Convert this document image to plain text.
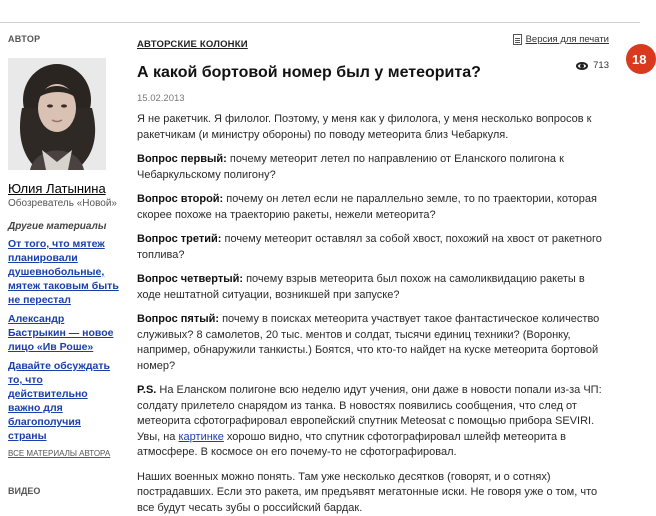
АВТОР
Юлия Латынина
Обозреватель «Новой»
Другие материалы
От того, что мятеж планировали душевнобольные, мятеж таковым быть не перестал
Александр Бастрыкин — новое лицо «Ив Роше»
Давайте обсуждать то, что действительно важно для благополучия страны
ВСЕ МАТЕРИАЛЫ АВТОРА
ВИДЕО
АВТОРСКИЕ КОЛОНКИ	Версия для печати
А какой бортовой номер был у метеорита?	713
15.02.2013

Я не ракетчик. Я филолог. Поэтому, у меня как у филолога, у меня несколько вопросов к ракетчикам (и министру обороны) по поводу метеорита близ Чебаркуля.

Вопрос первый: почему метеорит летел по направлению от Еланского полигона к Чебаркульскому полигону?

Вопрос второй: почему он летел если не параллельно земле, то по траектории, которая скорее похоже на траекторию ракеты, нежели метеорита?

Вопрос третий: почему метеорит оставлял за собой хвост, похожий на хвост от ракетного топлива?

Вопрос четвертый: почему взрыв метеорита был похож на самоликвидацию ракеты в ходе нештатной ситуации, возникшей при запуске?

Вопрос пятый: почему в поисках метеорита участвует такое фантастическое количество служивых? 8 самолетов, 20 тыс. ментов и солдат, тысячи единиц техники? (Воронку, например, обнаружили танкисты.) Боятся, что кто-то найдет на куске метеорита бортовой номер?

P.S. На Еланском полигоне всю неделю идут учения, они даже в новости попали из-за ЧП: солдату прилетело снарядом из танка. В новостях появились сообщения, что след от метеорита сфотографировал европейский спутник Meteosat с помощью прибора SEVIRI. Увы, на картинке хорошо видно, что спутник сфотографировал шлейф метеорита в атмосфере. В космосе он его почему-то не сфотографировал.

Наших военных можно понять. Там уже несколько десятков (говорят, и о сотнях) пострадавших. Если это ракета, им предъявят мегатонные иски. Не говоря уже о том, что все будут чесать зубы о российский бардак.

18
